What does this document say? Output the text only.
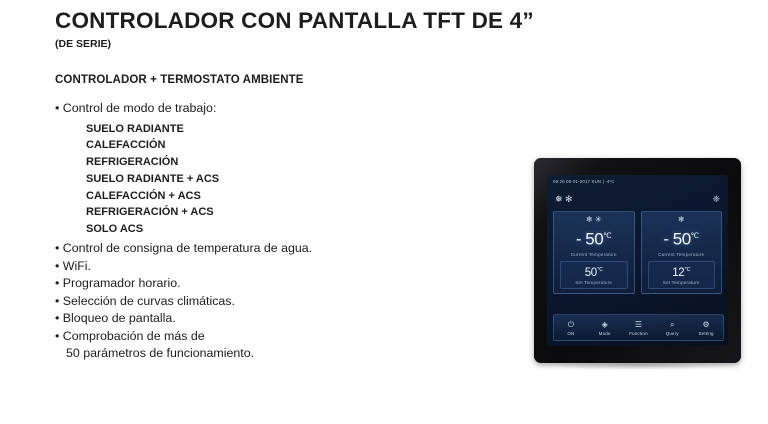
CONTROLADOR CON PANTALLA TFT DE 4”
(DE SERIE)
CONTROLADOR + TERMOSTATO AMBIENTE
• Control de modo de trabajo:
SUELO RADIANTE
CALEFACCIÓN
REFRIGERACIÓN
SUELO RADIANTE + ACS
CALEFACCIÓN + ACS
REFRIGERACIÓN + ACS
SOLO ACS
• Control de consigna de temperatura de agua.
• WiFi.
• Programador horario.
• Selección de curvas climáticas.
• Bloqueo de pantalla.
• Comprobación de más de
50 parámetros de funcionamiento.
09:20 09-01-2017 SUN | -4ºC
❅ ✻	❈
❄ ✳
- 50℃
Current Temperature
50℃
Set Temperature
❄
- 50℃
Current Temperature
12℃
Set Temperature
⏻
ON
◈
Mode
☰
Function
⌕
Query
⚙
Setting
